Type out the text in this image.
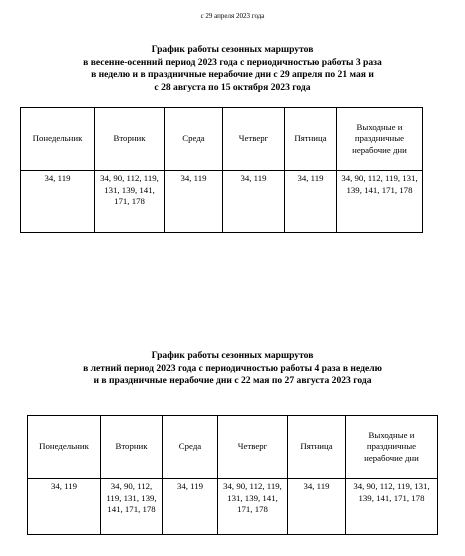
с 29 апреля 2023 года
График работы сезонных маршрутов
в весенне-осенний период 2023 года с периодичностью работы 3 раза
в неделю и в праздничные нерабочие дни с 29 апреля по 21 мая и
с 28 августа по 15 октября 2023 года
Понедельник	Вторник	Среда	Четверг	Пятница	Выходные и праздничные нерабочие дни
34, 119	34, 90, 112, 119, 131, 139, 141, 171, 178	34, 119	34, 119	34, 119	34, 90, 112, 119, 131, 139, 141, 171, 178
График работы сезонных маршрутов
в летний период 2023 года с периодичностью работы 4 раза в неделю
и в праздничные нерабочие дни с 22 мая по 27 августа 2023 года
Понедельник	Вторник	Среда	Четверг	Пятница	Выходные и праздничные нерабочие дни
34, 119	34, 90, 112, 119, 131, 139, 141, 171, 178	34, 119	34, 90, 112, 119, 131, 139, 141, 171, 178	34, 119	34, 90, 112, 119, 131, 139, 141, 171, 178
